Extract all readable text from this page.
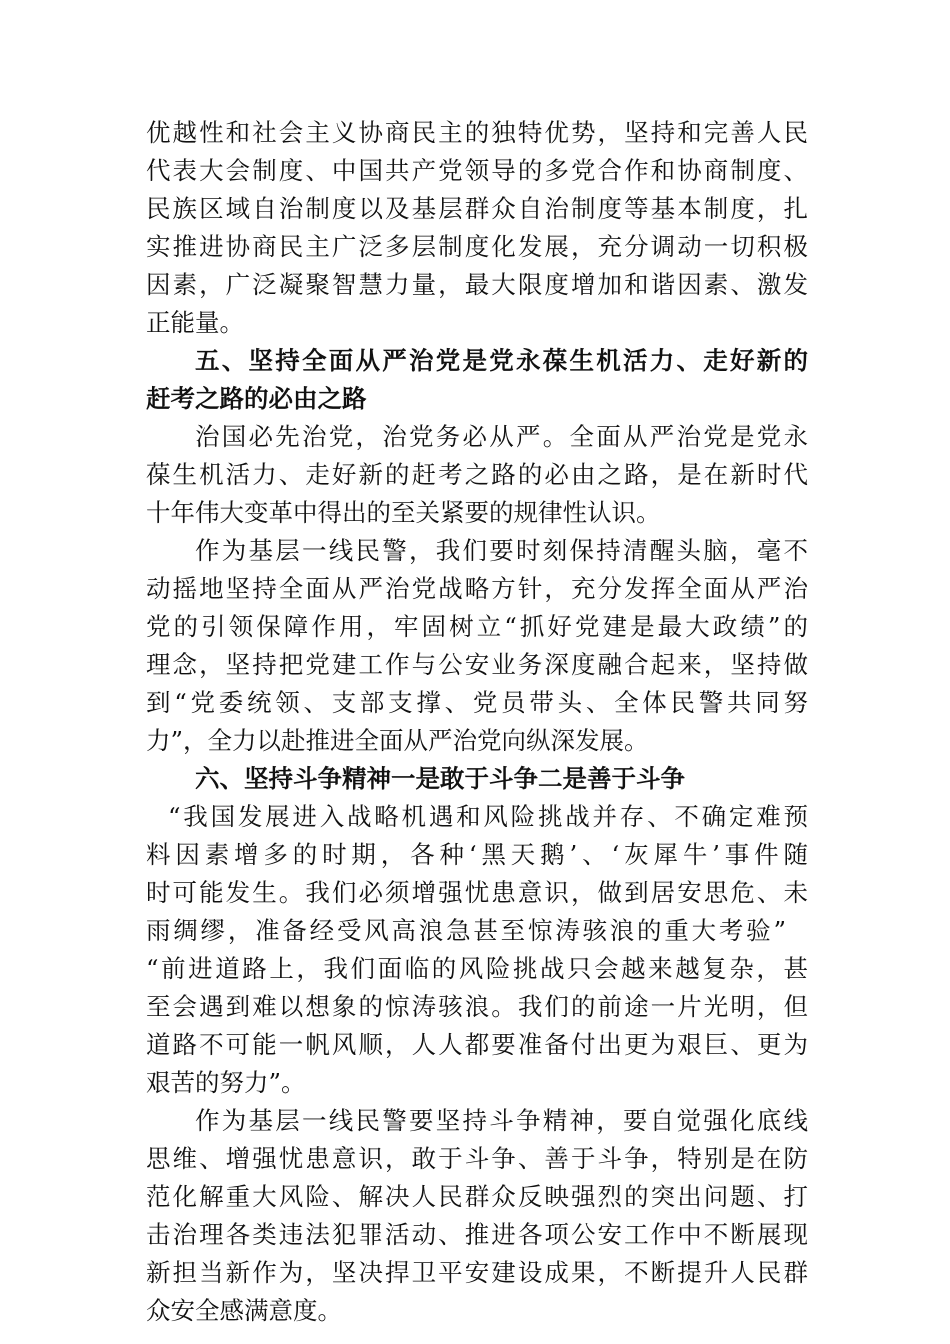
优越性和社会主义协商民主的独特优势，坚持和完善人民
代表大会制度、中国共产党领导的多党合作和协商制度、
民族区域自治制度以及基层群众自治制度等基本制度，扎
实推进协商民主广泛多层制度化发展，充分调动一切积极
因素，广泛凝聚智慧力量，最大限度增加和谐因素、激发
正能量。
五、坚持全面从严治党是党永葆生机活力、走好新的
赶考之路的必由之路
治国必先治党，治党务必从严。全面从严治党是党永
葆生机活力、走好新的赶考之路的必由之路，是在新时代
十年伟大变革中得出的至关紧要的规律性认识。
作为基层一线民警，我们要时刻保持清醒头脑，毫不
动摇地坚持全面从严治党战略方针，充分发挥全面从严治
党的引领保障作用，牢固树立“抓好党建是最大政绩”的
理念，坚持把党建工作与公安业务深度融合起来，坚持做
到“党委统领、支部支撑、党员带头、全体民警共同努
力”，全力以赴推进全面从严治党向纵深发展。
六、坚持斗争精神一是敢于斗争二是善于斗争
“我国发展进入战略机遇和风险挑战并存、不确定难预
料因素增多的时期，各种‘黑天鹅’、‘灰犀牛’事件随
时可能发生。我们必须增强忧患意识，做到居安思危、未
雨绸缪，准备经受风高浪急甚至惊涛骇浪的重大考验”
“前进道路上，我们面临的风险挑战只会越来越复杂，甚
至会遇到难以想象的惊涛骇浪。我们的前途一片光明，但
道路不可能一帆风顺，人人都要准备付出更为艰巨、更为
艰苦的努力”。
作为基层一线民警要坚持斗争精神，要自觉强化底线
思维、增强忧患意识，敢于斗争、善于斗争，特别是在防
范化解重大风险、解决人民群众反映强烈的突出问题、打
击治理各类违法犯罪活动、推进各项公安工作中不断展现
新担当新作为，坚决捍卫平安建设成果，不断提升人民群
众安全感满意度。
